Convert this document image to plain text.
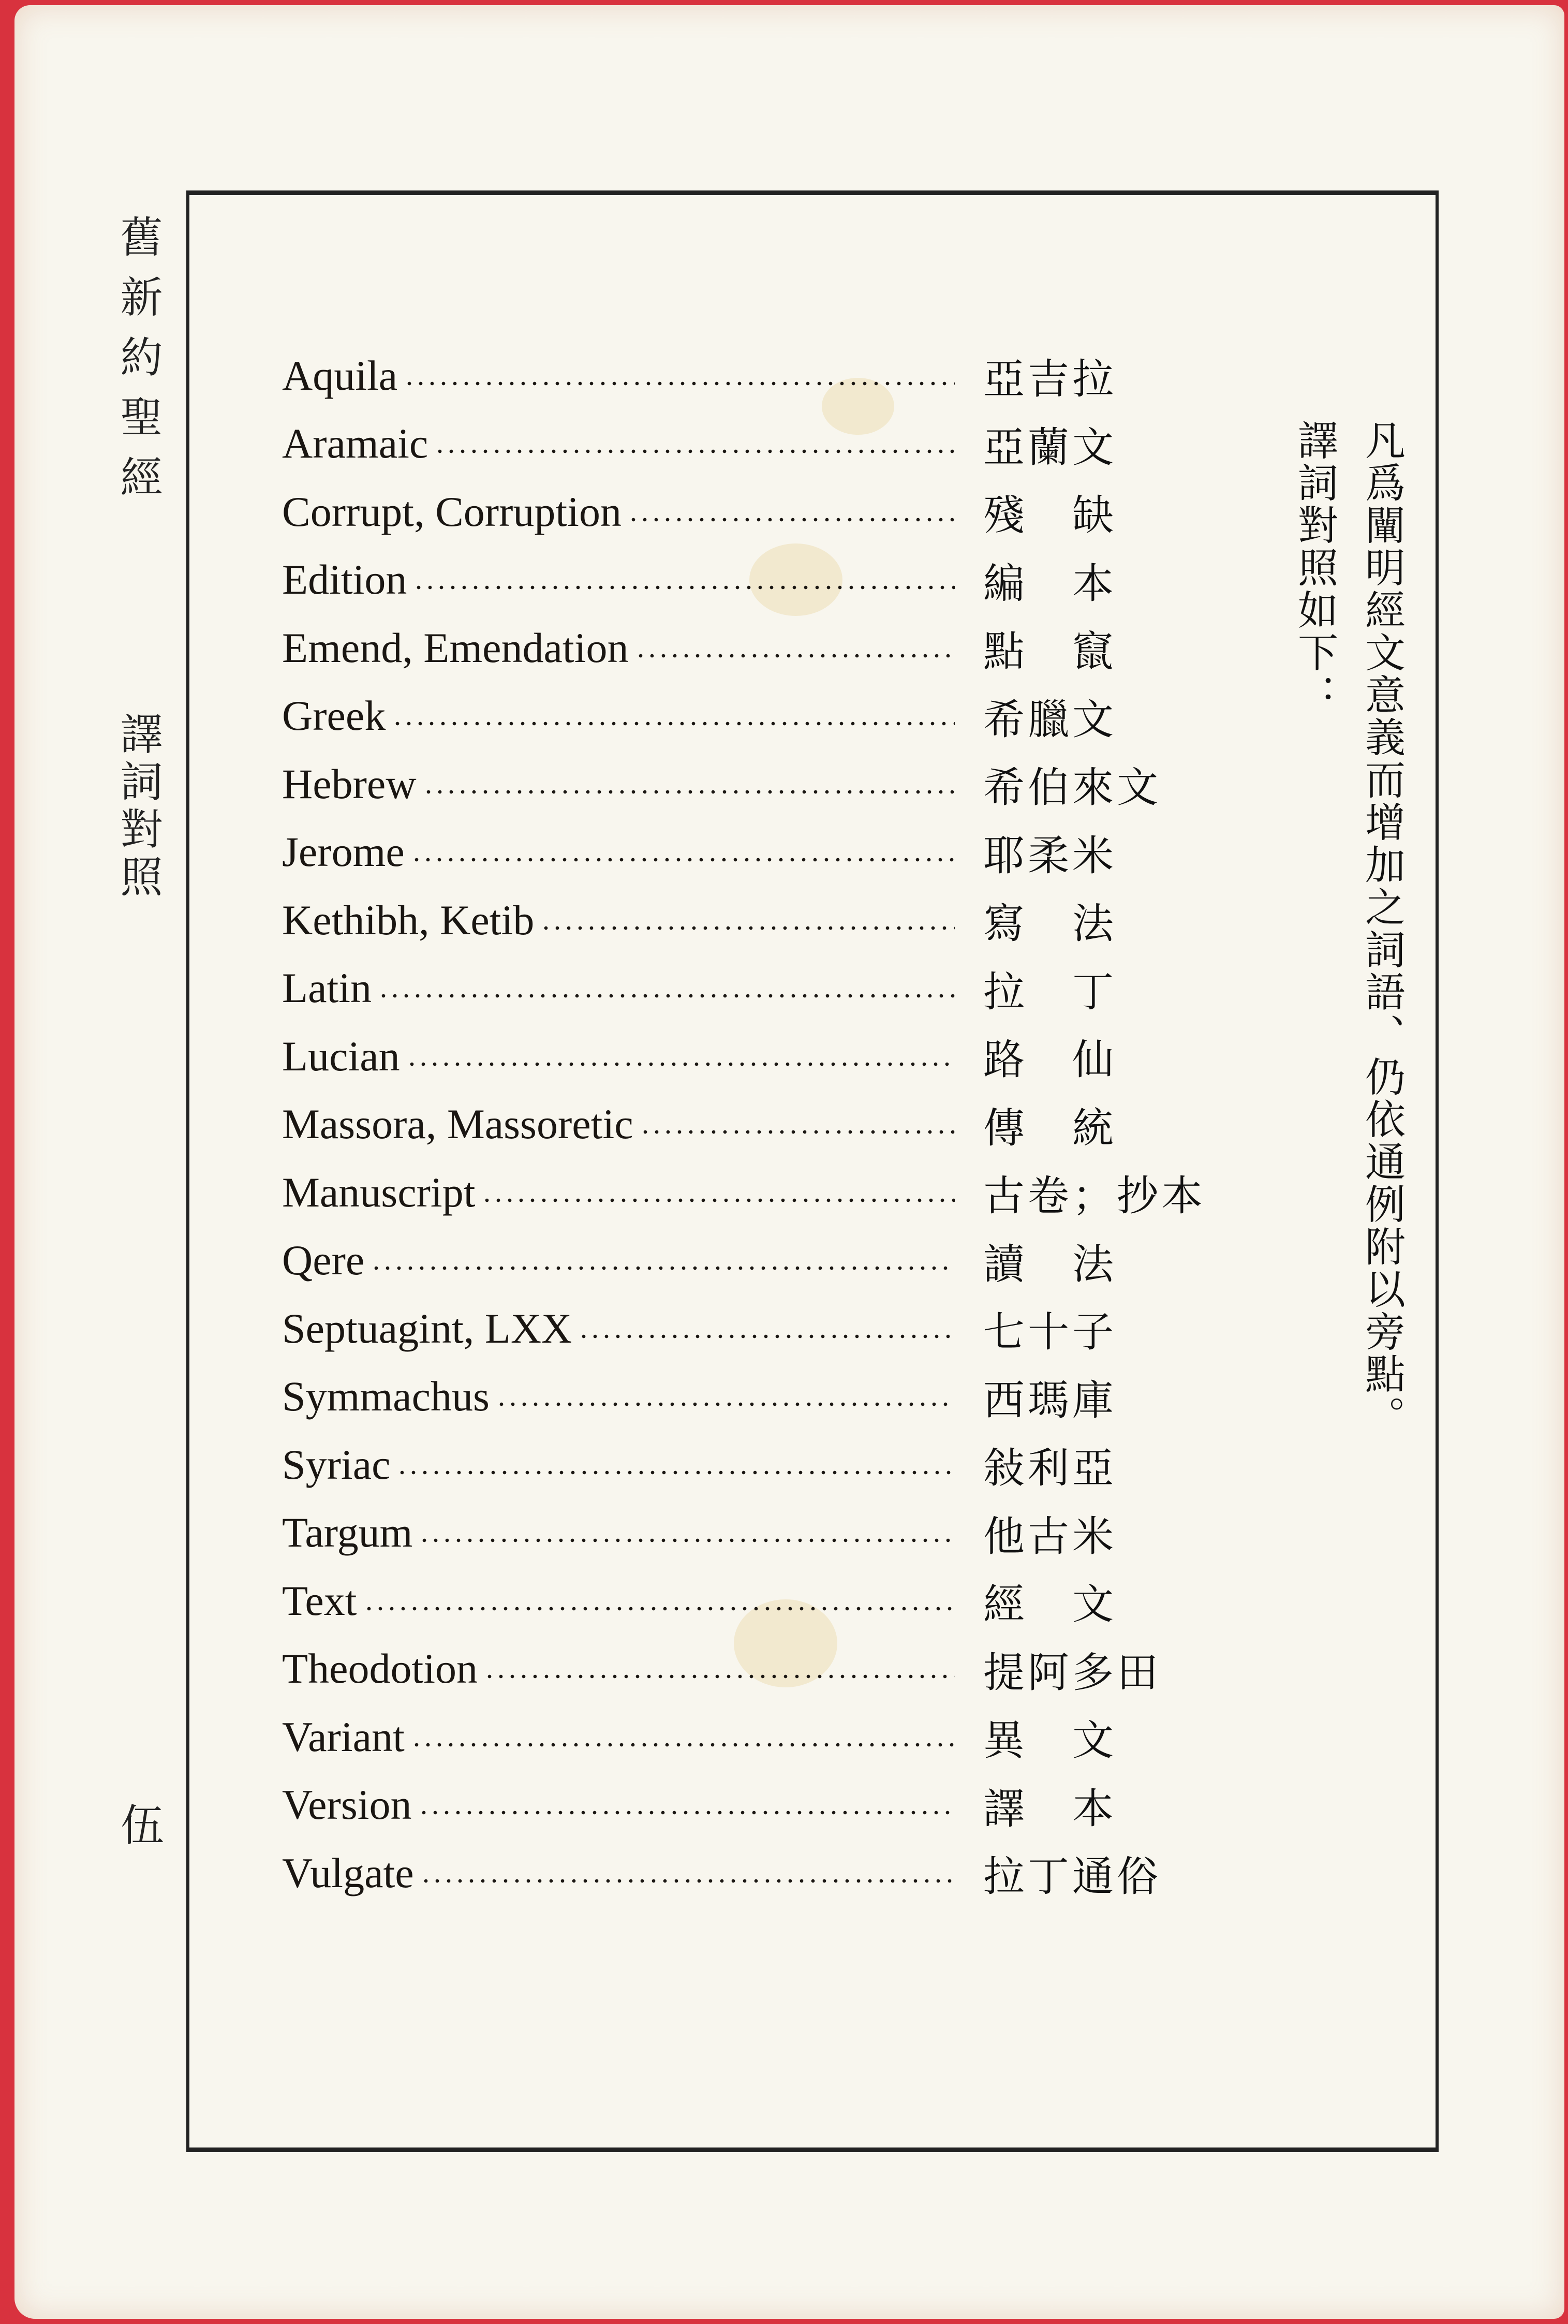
舊新約聖經
譯詞對照
伍
Aquila	亞吉拉
Aramaic	亞蘭文
Corrupt, Corruption	殘　缺
Edition	編　本
Emend, Emendation	點　竄
Greek	希臘文
Hebrew	希伯來文
Jerome	耶柔米
Kethibh, Ketib	寫　法
Latin	拉　丁
Lucian	路　仙
Massora, Massoretic	傳　統
Manuscript	古卷；抄本
Qere	讀　法
Septuagint, LXX	七十子
Symmachus	西瑪庫
Syriac	敍利亞
Targum	他古米
Text	經　文
Theodotion	提阿多田
Variant	異　文
Version	譯　本
Vulgate	拉丁通俗
凡爲闡明經文意義而增加之詞語、仍依通例附以旁點。
譯詞對照如下：
